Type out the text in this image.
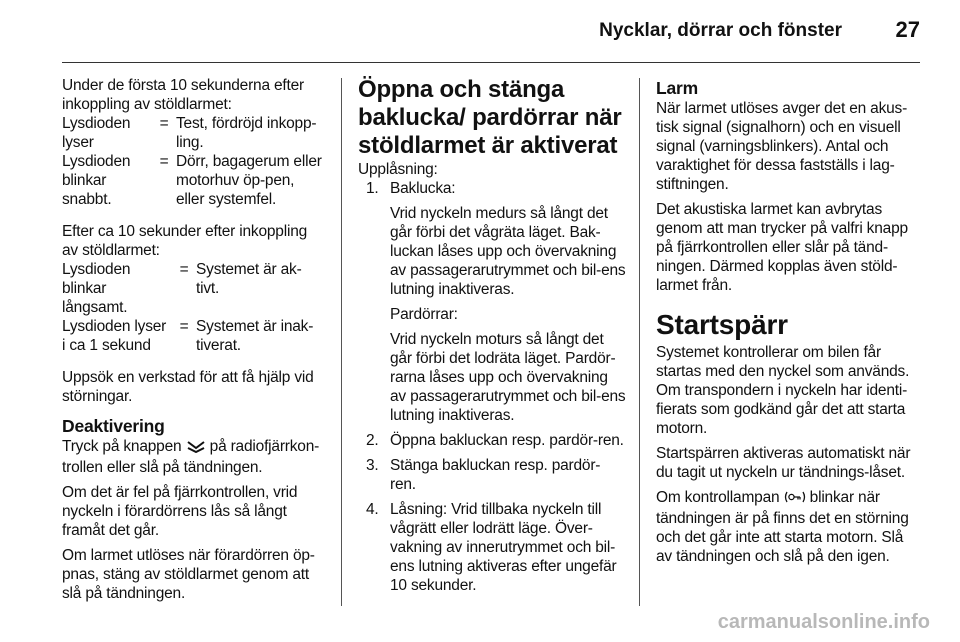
Nycklar, dörrar och fönster 27

Under de första 10 sekunderna efter inkoppling av stöldlarmet:

Lysdioden lyser	=	Test, fördröjd inkopp-ling.
Lysdioden blinkar snabbt.	=	Dörr, bagagerum eller motorhuv öp-pen, eller systemfel.

Efter ca 10 sekunder efter inkoppling av stöldlarmet:

Lysdioden blinkar långsamt.	=	Systemet är ak-tivt.
Lysdioden lyser i ca 1 sekund	=	Systemet är inak-tiverat.

Uppsök en verkstad för att få hjälp vid störningar.

Deaktivering

Tryck på knappen  på radiofjärrkon-trollen eller slå på tändningen.

Om det är fel på fjärrkontrollen, vrid nyckeln i förardörrens lås så långt framåt det går.

Om larmet utlöses när förardörren öp-pnas, stäng av stöldlarmet genom att slå på tändningen.

Öppna och stänga baklucka/ pardörrar när stöldlarmet är aktiverat

Upplåsning:

1. Baklucka:

Vrid nyckeln medurs så långt det går förbi det vågräta läget. Bak-luckan låses upp och övervakning av passagerarutrymmet och bil-ens lutning inaktiveras.

Pardörrar:

Vrid nyckeln moturs så långt det går förbi det lodräta läget. Pardör-rarna låses upp och övervakning av passagerarutrymmet och bil-ens lutning inaktiveras.

2. Öppna bakluckan resp. pardör-ren.

3. Stänga bakluckan resp. pardör-ren.

4. Låsning: Vrid tillbaka nyckeln till vågrätt eller lodrätt läge. Över-vakning av innerutrymmet och bil-ens lutning aktiveras efter ungefär 10 sekunder.

Larm

När larmet utlöses avger det en akus-tisk signal (signalhorn) och en visuell signal (varningsblinkers). Antal och varaktighet för dessa fastställs i lag-stiftningen.

Det akustiska larmet kan avbrytas genom att man trycker på valfri knapp på fjärrkontrollen eller slår på tänd-ningen. Därmed kopplas även stöld-larmet från.

Startspärr

Systemet kontrollerar om bilen får startas med den nyckel som används. Om transpondern i nyckeln har identi-fierats som godkänd går det att starta motorn.

Startspärren aktiveras automatiskt när du tagit ut nyckeln ur tändnings-låset.

Om kontrollampan  blinkar när tändningen är på finns det en störning och det går inte att starta motorn. Slå av tändningen och slå på den igen.

carmanualsonline.info
